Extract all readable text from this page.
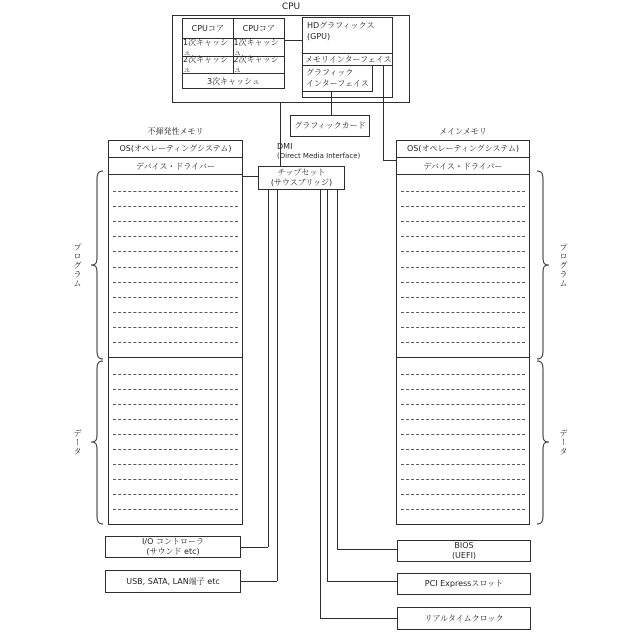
CPU
CPUコア	CPUコア
1次キャッシュ
1次キャッシュ
2次キャッシュ
2次キャッシュ
3次キャッシュ
HDグラフィックス
(GPU)
メモリインターフェイス
グラフィック
インターフェイス
グラフィックカード
DMI
(Direct Media Interface)
チップセット
(サウスブリッジ)
不揮発性メモリ
OS(オペレーティングシステム)
デバイス・ドライバー
メインメモリ
OS(オペレーティングシステム)
デバイス・ドライバー
プログラム
データ
プログラム
データ
I/O コントローラ
(サウンド etc)
USB, SATA, LAN端子 etc
BIOS
(UEFI)
PCI Expressスロット
リアルタイムクロック
